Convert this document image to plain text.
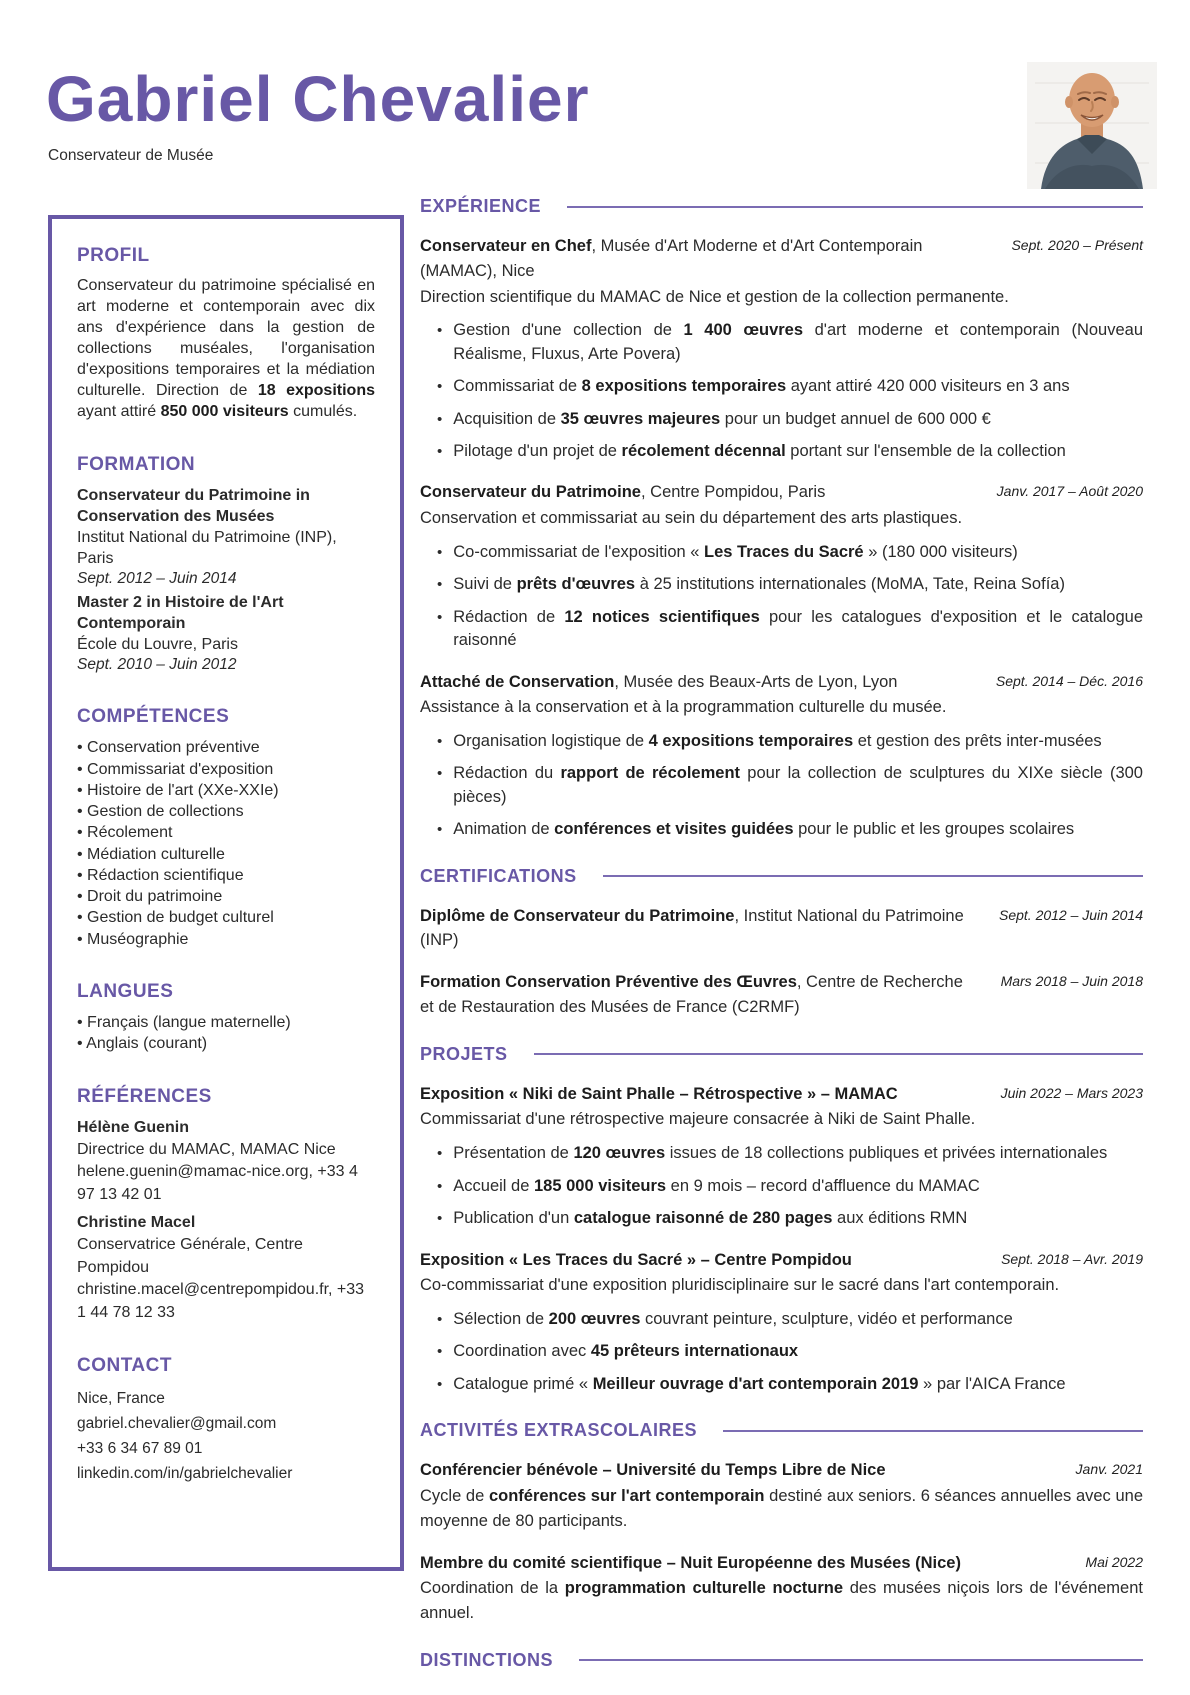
Gabriel Chevalier
Conservateur de Musée
PROFIL
Conservateur du patrimoine spécialisé en art moderne et contemporain avec dix ans d'expérience dans la gestion de collections muséales, l'organisation d'expositions temporaires et la médiation culturelle. Direction de 18 expositions ayant attiré 850 000 visiteurs cumulés.
FORMATION
Conservateur du Patrimoine in Conservation des Musées
Institut National du Patrimoine (INP), Paris
Sept. 2012 – Juin 2014
Master 2 in Histoire de l'Art Contemporain
École du Louvre, Paris
Sept. 2010 – Juin 2012
COMPÉTENCES
• Conservation préventive
• Commissariat d'exposition
• Histoire de l'art (XXe-XXIe)
• Gestion de collections
• Récolement
• Médiation culturelle
• Rédaction scientifique
• Droit du patrimoine
• Gestion de budget culturel
• Muséographie
LANGUES
• Français (langue maternelle)
• Anglais (courant)
RÉFÉRENCES
Hélène Guenin
Directrice du MAMAC, MAMAC Nice
helene.guenin@mamac-nice.org, +33 4 97 13 42 01
Christine Macel
Conservatrice Générale, Centre Pompidou
christine.macel@centrepompidou.fr, +33 1 44 78 12 33
CONTACT
Nice, France
gabriel.chevalier@gmail.com
+33 6 34 67 89 01
linkedin.com/in/gabrielchevalier
EXPÉRIENCE
Conservateur en Chef, Musée d'Art Moderne et d'Art Contemporain (MAMAC), Nice
Sept. 2020 – Présent
Direction scientifique du MAMAC de Nice et gestion de la collection permanente.
• Gestion d'une collection de 1 400 œuvres d'art moderne et contemporain (Nouveau Réalisme, Fluxus, Arte Povera)
• Commissariat de 8 expositions temporaires ayant attiré 420 000 visiteurs en 3 ans
• Acquisition de 35 œuvres majeures pour un budget annuel de 600 000 €
• Pilotage d'un projet de récolement décennal portant sur l'ensemble de la collection
Conservateur du Patrimoine, Centre Pompidou, Paris	Janv. 2017 – Août 2020
Conservation et commissariat au sein du département des arts plastiques.
• Co-commissariat de l'exposition « Les Traces du Sacré » (180 000 visiteurs)
• Suivi de prêts d'œuvres à 25 institutions internationales (MoMA, Tate, Reina Sofía)
• Rédaction de 12 notices scientifiques pour les catalogues d'exposition et le catalogue raisonné
Attaché de Conservation, Musée des Beaux-Arts de Lyon, Lyon	Sept. 2014 – Déc. 2016
Assistance à la conservation et à la programmation culturelle du musée.
• Organisation logistique de 4 expositions temporaires et gestion des prêts inter-musées
• Rédaction du rapport de récolement pour la collection de sculptures du XIXe siècle (300 pièces)
• Animation de conférences et visites guidées pour le public et les groupes scolaires
CERTIFICATIONS
Diplôme de Conservateur du Patrimoine, Institut National du Patrimoine (INP)
Sept. 2012 – Juin 2014
Formation Conservation Préventive des Œuvres, Centre de Recherche et de Restauration des Musées de France (C2RMF)
Mars 2018 – Juin 2018
PROJETS
Exposition « Niki de Saint Phalle – Rétrospective » – MAMAC	Juin 2022 – Mars 2023
Commissariat d'une rétrospective majeure consacrée à Niki de Saint Phalle.
• Présentation de 120 œuvres issues de 18 collections publiques et privées internationales
• Accueil de 185 000 visiteurs en 9 mois – record d'affluence du MAMAC
• Publication d'un catalogue raisonné de 280 pages aux éditions RMN
Exposition « Les Traces du Sacré » – Centre Pompidou	Sept. 2018 – Avr. 2019
Co-commissariat d'une exposition pluridisciplinaire sur le sacré dans l'art contemporain.
• Sélection de 200 œuvres couvrant peinture, sculpture, vidéo et performance
• Coordination avec 45 prêteurs internationaux
• Catalogue primé « Meilleur ouvrage d'art contemporain 2019 » par l'AICA France
ACTIVITÉS EXTRASCOLAIRES
Conférencier bénévole – Université du Temps Libre de Nice	Janv. 2021
Cycle de conférences sur l'art contemporain destiné aux seniors. 6 séances annuelles avec une moyenne de 80 participants.
Membre du comité scientifique – Nuit Européenne des Musées (Nice)	Mai 2022
Coordination de la programmation culturelle nocturne des musées niçois lors de l'événement annuel.
DISTINCTIONS
